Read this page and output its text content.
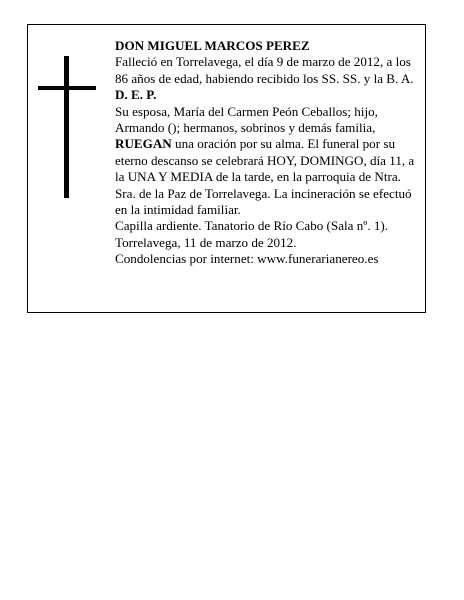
DON MIGUEL MARCOS PEREZ

Falleció en Torrelavega, el día 9 de marzo de 2012, a los 86 años de edad, habiendo recibido los SS. SS. y la B. A.

D. E. P.

Su esposa, María del Carmen Peón Ceballos; hijo, Armando (); hermanos, sobrinos y demás familia,
RUEGAN una oración por su alma. El funeral por su eterno descanso se celebrará HOY, DOMINGO, día 11, a la UNA Y MEDIA de la tarde, en la parroquia de Ntra. Sra. de la Paz de Torrelavega. La incineración se efectuó en la intimidad familiar.

Capilla ardiente. Tanatorio de Río Cabo (Sala nº. 1).

Torrelavega, 11 de marzo de 2012.

Condolencias por internet: www.funerarianereo.es
